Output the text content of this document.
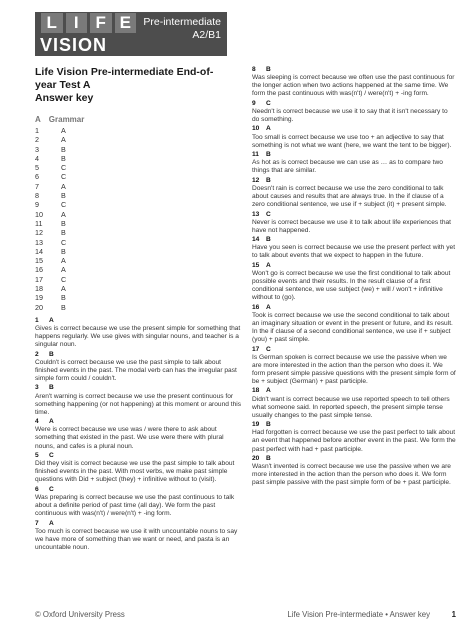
L I F E
VISION
Pre-intermediate
A2/B1
Life Vision Pre-intermediate End-of-
year Test A
Answer key
A Grammar
1	A
2	A
3	B
4	B
5	C
6	C
7	A
8	B
9	C
10	A
11	B
12	B
13	C
14	B
15	A
16	A
17	C
18	A
19	B
20	B
1 A

Gives is correct because we use the present simple for something that happens regularly. We use gives with singular nouns, and teacher is a singular noun.

2 B

Couldn't is correct because we use the past simple to talk about finished events in the past. The modal verb can has the irregular past simple form could / couldn't.

3 B

Aren't warning is correct because we use the present continuous for something happening (or not happening) at this moment or around this time.

4 A

Were is correct because we use was / were there to ask about something that existed in the past. We use were there with plural nouns, and cafes is a plural noun.

5 C

Did they visit is correct because we use the past simple to talk about finished events in the past. With most verbs, we make past simple questions with Did + subject (they) + infinitive without to (visit).

6 C

Was preparing is correct because we use the past continuous to talk about a definite period of past time (all day). We form the past continuous with was(n't) / were(n't) + -ing form.

7 A

Too much is correct because we use it with uncountable nouns to say we have more of something than we want or need, and pasta is an uncountable noun.

8 B

Was sleeping is correct because we often use the past continuous for the longer action when two actions happened at the same time. We form the past continuous with was(n't) / were(n't) + -ing form.

9 C

Needn't is correct because we use it to say that it isn't necessary to do something.

10 A

Too small is correct because we use too + an adjective to say that something is not what we want (here, we want the tent to be bigger).

11 B

As hot as is correct because we can use as … as to compare two things that are similar.

12 B

Doesn't rain is correct because we use the zero conditional to talk about causes and results that are always true. In the if clause of a zero conditional sentence, we use if + subject (it) + present simple.

13 C

Never is correct because we use it to talk about life experiences that have not happened.

14 B

Have you seen is correct because we use the present perfect with yet to talk about events that we expect to happen in the future.

15 A

Won't go is correct because we use the first conditional to talk about possible events and their results. In the result clause of a first conditional sentence, we use subject (we) + will / won't + infinitive without to (go).

16 A

Took is correct because we use the second conditional to talk about an imaginary situation or event in the present or future, and its result. In the if clause of a second conditional sentence, we use if + subject (you) + past simple.

17 C

Is German spoken is correct because we use the passive when we are more interested in the action than the person who does it. We form present simple passive questions with the present simple form of be + subject (German) + past participle.

18 A

Didn't want is correct because we use reported speech to tell others what someone said. In reported speech, the present simple tense usually changes to the past simple tense.

19 B

Had forgotten is correct because we use the past perfect to talk about an event that happened before another event in the past. We form the past perfect with had + past participle.

20 B

Wasn't invented is correct because we use the passive when we are more interested in the action than the person who does it. We form past simple passive with the past simple form of be + past participle.

© Oxford University Press	Life Vision Pre-intermediate • Answer key	1
